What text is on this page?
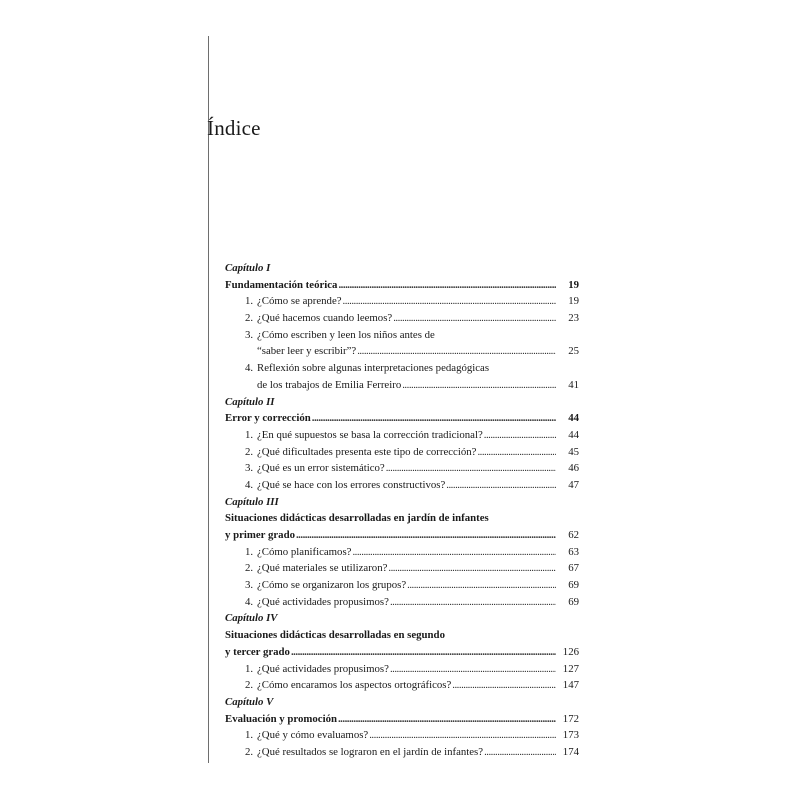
Índice
Capítulo I
Fundamentación teórica . . .	19
1. ¿Cómo se aprende? . . .	19
2. ¿Qué hacemos cuando leemos? . . .	23
3. ¿Cómo escriben y leen los niños antes de
“saber leer y escribir”? . . .	25
4. Reflexión sobre algunas interpretaciones pedagógicas
de los trabajos de Emilia Ferreiro . . .	41
Capítulo II
Error y corrección . . .	44
1. ¿En qué supuestos se basa la corrección tradicional? . . .	44
2. ¿Qué dificultades presenta este tipo de corrección? . . .	45
3. ¿Qué es un error sistemático? . . .	46
4. ¿Qué se hace con los errores constructivos? . . .	47
Capítulo III
Situaciones didácticas desarrolladas en jardín de infantes
y primer grado . . .	62
1. ¿Cómo planificamos? . . .	63
2. ¿Qué materiales se utilizaron? . . .	67
3. ¿Cómo se organizaron los grupos? . . .	69
4. ¿Qué actividades propusimos? . . .	69
Capítulo IV
Situaciones didácticas desarrolladas en segundo
y tercer grado . . .	126
1. ¿Qué actividades propusimos? . . .	127
2. ¿Cómo encaramos los aspectos ortográficos? . . .	147
Capítulo V
Evaluación y promoción . . .	172
1. ¿Qué y cómo evaluamos? . . .	173
2. ¿Qué resultados se lograron en el jardín de infantes? . . .	174
